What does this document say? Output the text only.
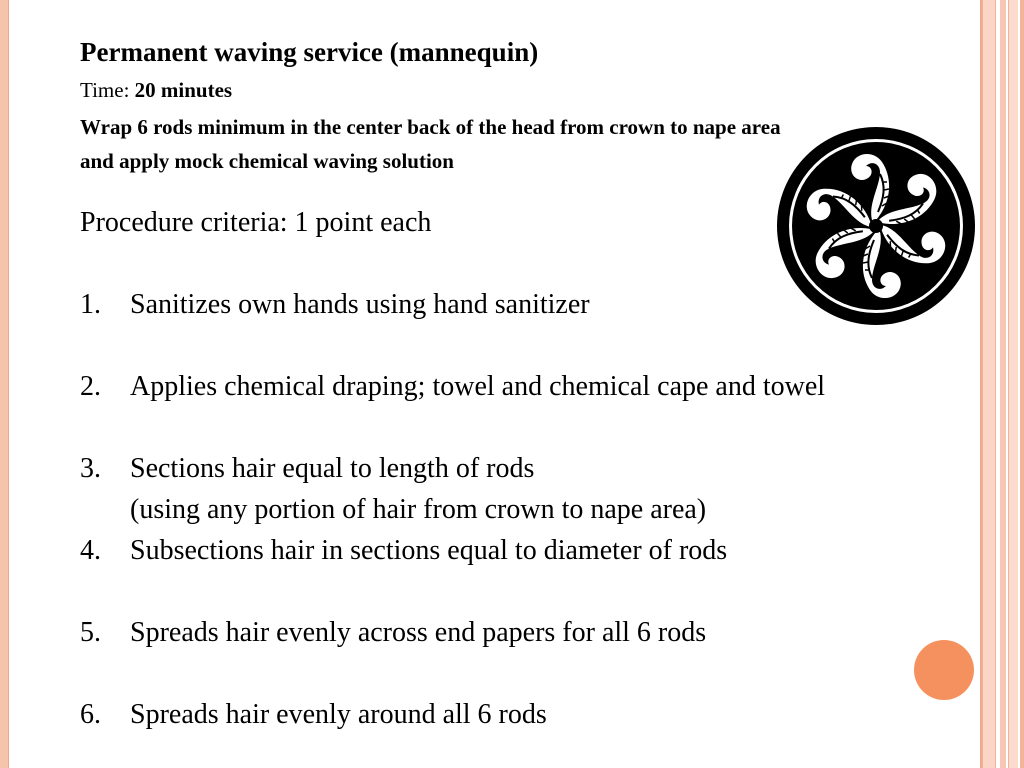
Permanent waving service (mannequin)
Time: 20 minutes

Wrap 6 rods minimum in the center back of the head from crown to nape area and apply mock chemical waving solution

Procedure criteria: 1 point each
1.	Sanitizes own hands using hand sanitizer
2.	Applies chemical draping; towel and chemical cape and towel
3.	Sections hair equal to length of rods
(using any portion of hair from crown to nape area)
4.	Subsections hair in sections equal to diameter of rods
5.	Spreads hair evenly across end papers for all 6 rods
6.	Spreads hair evenly around all 6 rods
